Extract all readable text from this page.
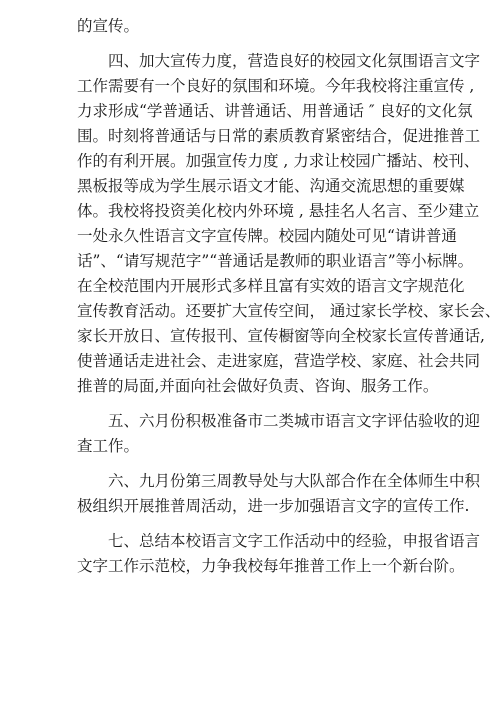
的宣传。
　　四、加大宣传力度，营造良好的校园文化氛围语言文字
工作需要有一个良好的氛围和环境。今年我校将注重宣传 ,
力求形成“学普通话、讲普通话、用普通话 ″ 良好的文化氛
围。时刻将普通话与日常的素质教育紧密结合，促进推普工
作的有利开展。加强宣传力度 , 力求让校园广播站、校刊、
黑板报等成为学生展示语文才能、沟通交流思想的重要媒
体。我校将投资美化校内外环境 , 悬挂名人名言、至少建立
一处永久性语言文字宣传牌。校园内随处可见“请讲普通
话”、“请写规范字”“普通话是教师的职业语言”等小标牌。
在全校范围内开展形式多样且富有实效的语言文字规范化
宣传教育活动。还要扩大宣传空间， 通过家长学校、家长会、
家长开放日、宣传报刊、宣传橱窗等向全校家长宣传普通话,
使普通话走进社会、走进家庭，营造学校、家庭、社会共同
推普的局面,并面向社会做好负责、咨询、服务工作。
　　五、六月份积极准备市二类城市语言文字评估验收的迎
查工作。
　　六、九月份第三周教导处与大队部合作在全体师生中积
极组织开展推普周活动，进一步加强语言文字的宣传工作.
　　七、总结本校语言文字工作活动中的经验，申报省语言
文字工作示范校，力争我校每年推普工作上一个新台阶。
